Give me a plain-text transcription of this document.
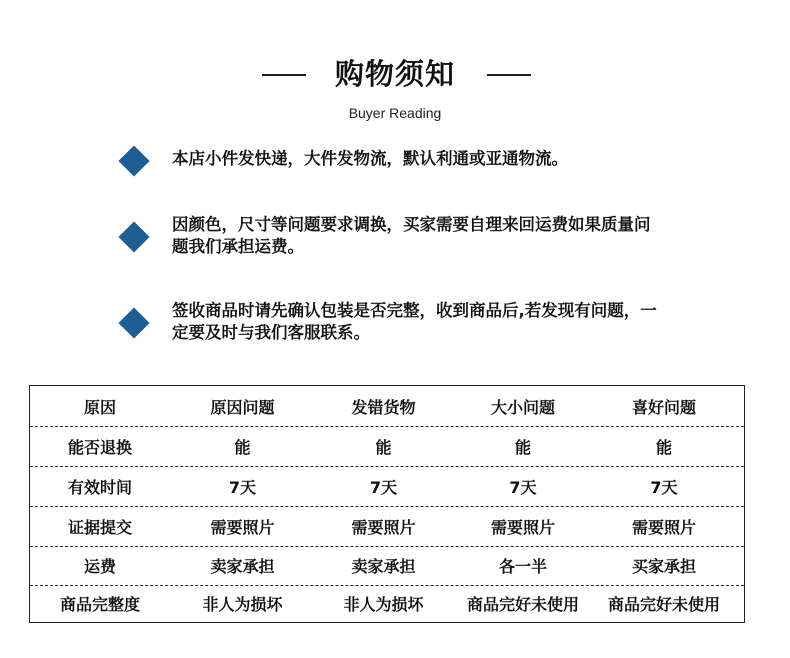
购物须知
Buyer Reading
本店小件发快递，大件发物流，默认利通或亚通物流。
因颜色，尺寸等问题要求调换，买家需要自理来回运费如果质量问题我们承担运费。
签收商品时请先确认包装是否完整，收到商品后,若发现有问题，一定要及时与我们客服联系。
原因	原因问题	发错货物	大小问题	喜好问题
能否退换	能	能	能	能
有效时间	7天	7天	7天	7天
证据提交	需要照片	需要照片	需要照片	需要照片
运费	卖家承担	卖家承担	各一半	买家承担
商品完整度	非人为损坏	非人为损坏	商品完好未使用	商品完好未使用
